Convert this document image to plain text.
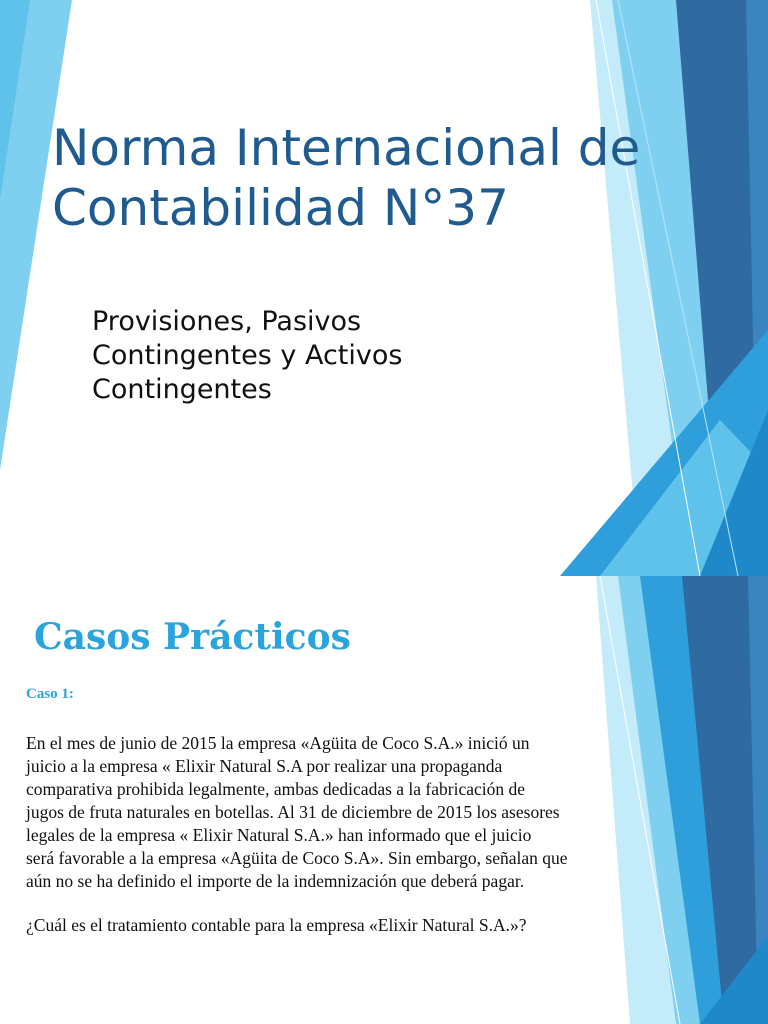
Norma Internacional de
Contabilidad N°37

Provisiones, Pasivos
Contingentes y Activos
Contingentes

Casos Prácticos

Caso 1:

En el mes de junio de 2015 la empresa «Agüita de Coco S.A.» inició un
juicio a la empresa « Elixir Natural S.A por realizar una propaganda
comparativa prohibida legalmente, ambas dedicadas a la fabricación de
jugos de fruta naturales en botellas. Al 31 de diciembre de 2015 los asesores
legales de la empresa « Elixir Natural S.A.» han informado que el juicio
será favorable a la empresa «Agüita de Coco S.A». Sin embargo, señalan que
aún no se ha definido el importe de la indemnización que deberá pagar.

¿Cuál es el tratamiento contable para la empresa «Elixir Natural S.A.»?
